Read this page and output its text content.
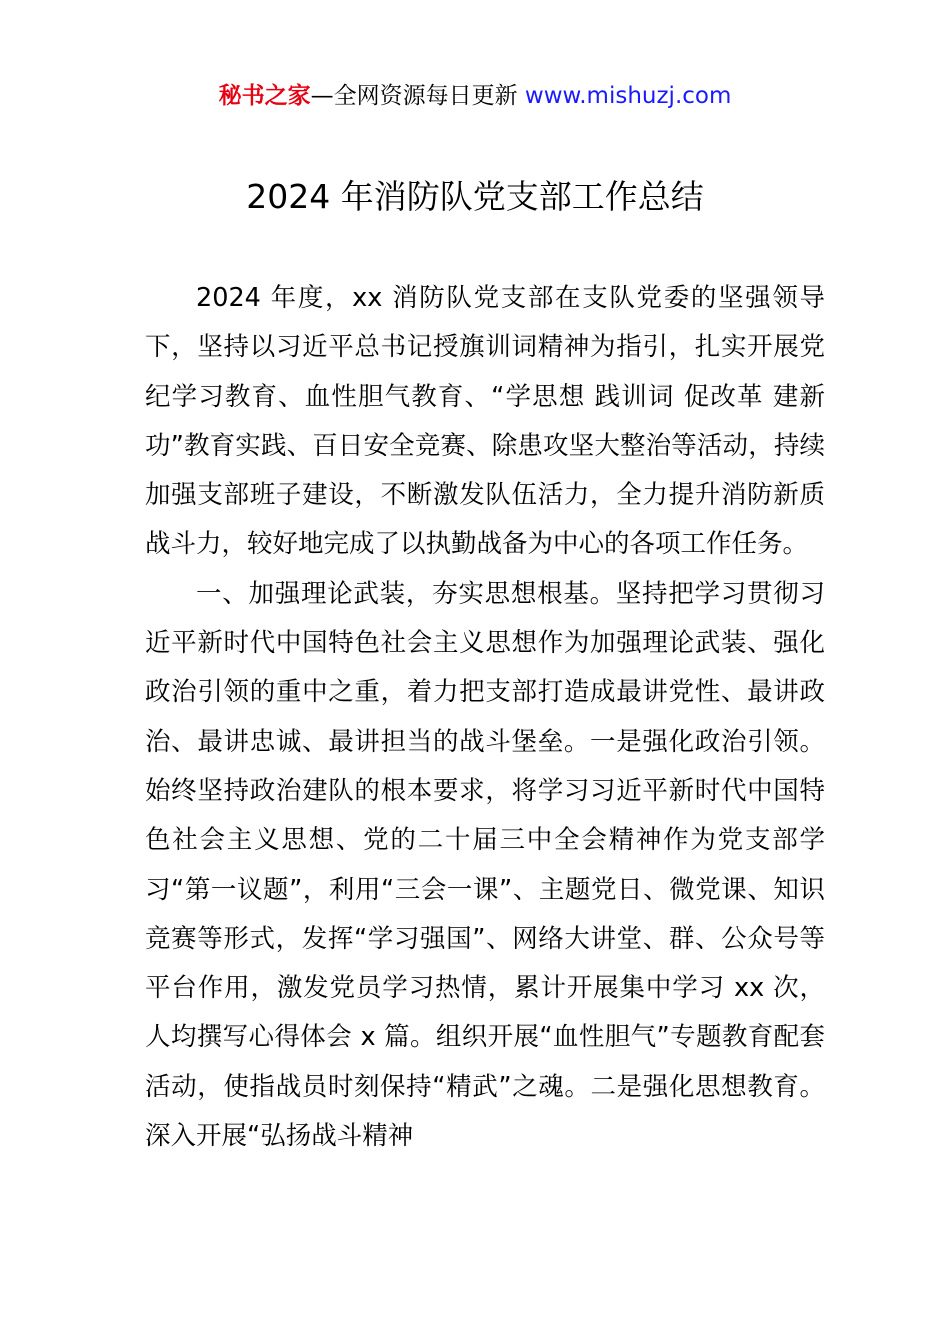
秘书之家—全网资源每日更新 www.mishuzj.com
2024 年消防队党支部工作总结

2024 年度，xx 消防队党支部在支队党委的坚强领导下，坚持以习近平总书记授旗训词精神为指引，扎实开展党纪学习教育、血性胆气教育、“学思想 践训词 促改革 建新功”教育实践、百日安全竞赛、除患攻坚大整治等活动，持续加强支部班子建设，不断激发队伍活力，全力提升消防新质战斗力，较好地完成了以执勤战备为中心的各项工作任务。

一、加强理论武装，夯实思想根基。坚持把学习贯彻习近平新时代中国特色社会主义思想作为加强理论武装、强化政治引领的重中之重，着力把支部打造成最讲党性、最讲政治、最讲忠诚、最讲担当的战斗堡垒。一是强化政治引领。始终坚持政治建队的根本要求，将学习习近平新时代中国特色社会主义思想、党的二十届三中全会精神作为党支部学习“第一议题”，利用“三会一课”、主题党日、微党课、知识竞赛等形式，发挥“学习强国”、网络大讲堂、群、公众号等平台作用，激发党员学习热情，累计开展集中学习 xx 次，人均撰写心得体会 x 篇。组织开展“血性胆气”专题教育配套活动，使指战员时刻保持“精武”之魂。二是强化思想教育。深入开展“弘扬战斗精神
